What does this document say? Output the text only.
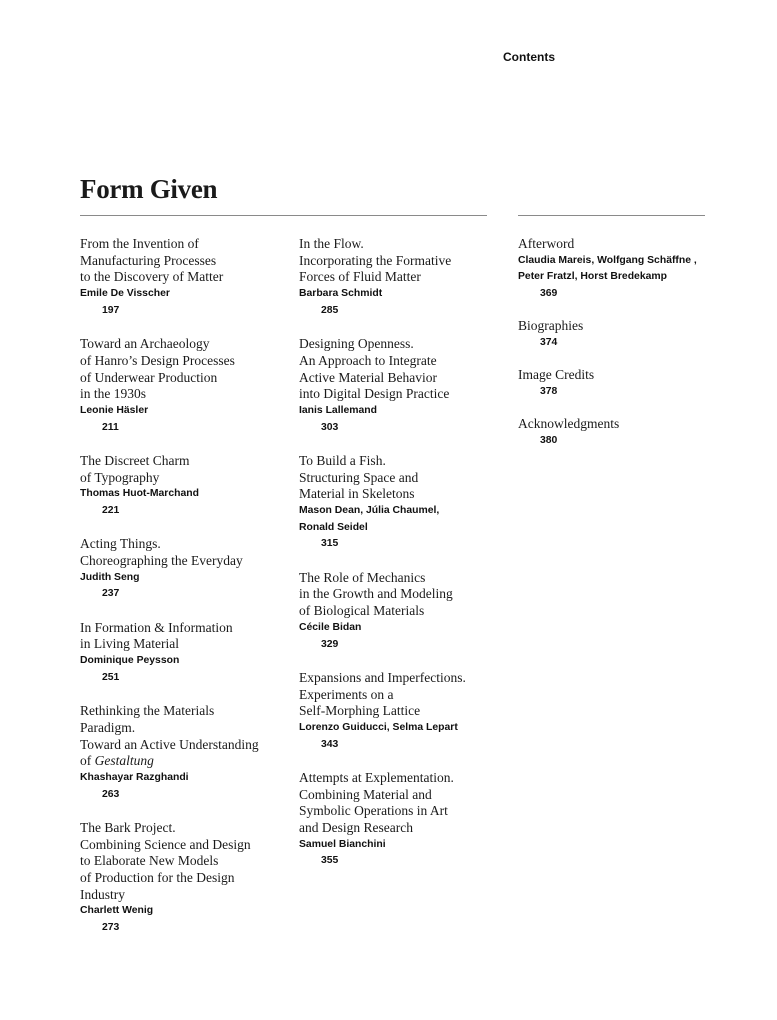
Contents
Form Given
From the Invention of
Manufacturing Processes
to the Discovery of Matter
Emile De Visscher
197
Toward an Archaeology
of Hanro’s Design Processes
of Underwear Production
in the 1930s
Leonie Häsler
211
The Discreet Charm
of Typography
Thomas Huot-Marchand
221
Acting Things.
Choreographing the Everyday
Judith Seng
237
In Formation & Information
in Living Material
Dominique Peysson
251
Rethinking the Materials
Paradigm.
Toward an Active Understanding
of Gestaltung
Khashayar Razghandi
263
The Bark Project.
Combining Science and Design
to Elaborate New Models
of Production for the Design
Industry
Charlett Wenig
273
In the Flow.
Incorporating the Formative
Forces of Fluid Matter
Barbara Schmidt
285
Designing Openness.
An Approach to Integrate
Active Material Behavior
into Digital Design Practice
Ianis Lallemand
303
To Build a Fish.
Structuring Space and
Material in Skeletons
Mason Dean, Júlia Chaumel,
Ronald Seidel
315
The Role of Mechanics
in the Growth and Modeling
of Biological Materials
Cécile Bidan
329
Expansions and Imperfections.
Experiments on a
Self-Morphing Lattice
Lorenzo Guiducci, Selma Lepart
343
Attempts at Explementation.
Combining Material and
Symbolic Operations in Art
and Design Research
Samuel Bianchini
355
Afterword
Claudia Mareis, Wolfgang Schäffne ,
Peter Fratzl, Horst Bredekamp
369
Biographies
374
Image Credits
378
Acknowledgments
380
